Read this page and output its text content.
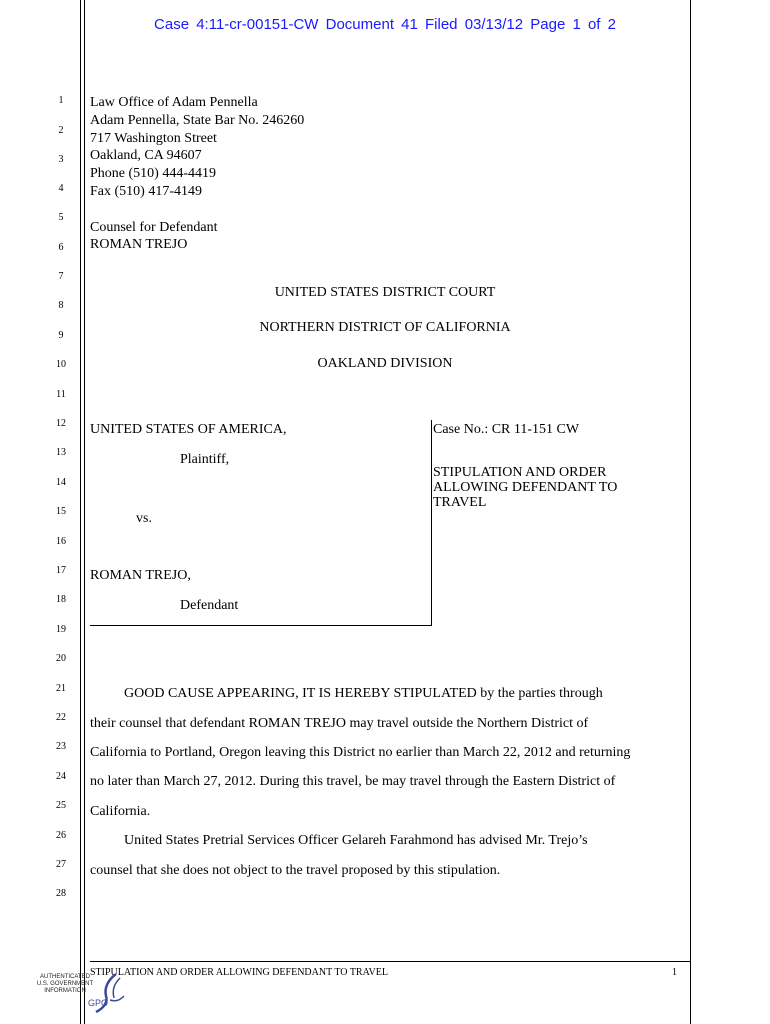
Case 4:11-cr-00151-CW Document 41 Filed 03/13/12 Page 1 of 2
1
2
3
4
5
6
7
8
9
10
11
12
13
14
15
16
17
18
19
20
21
22
23
24
25
26
27
28
Law Office of Adam Pennella
Adam Pennella, State Bar No. 246260
717 Washington Street
Oakland, CA 94607
Phone (510) 444-4419
Fax (510) 417-4149
Counsel for Defendant
ROMAN TREJO
UNITED STATES DISTRICT COURT
NORTHERN DISTRICT OF CALIFORNIA
OAKLAND DIVISION
UNITED STATES OF AMERICA,
Plaintiff,
vs.
ROMAN TREJO,
Defendant
Case No.: CR 11-151 CW
STIPULATION AND ORDER
ALLOWING DEFENDANT TO
TRAVEL
GOOD CAUSE APPEARING, IT IS HEREBY STIPULATED by the parties through
their counsel that defendant ROMAN TREJO may travel outside the Northern District of
California to Portland, Oregon leaving this District no earlier than March 22, 2012 and returning
no later than March 27, 2012. During this travel, be may travel through the Eastern District of
California.
United States Pretrial Services Officer Gelareh Farahmond has advised Mr. Trejo’s
counsel that she does not object to the travel proposed by this stipulation.
STIPULATION AND ORDER ALLOWING DEFENDANT TO TRAVEL	1
AUTHENTICATED
U.S. GOVERNMENT
INFORMATION
GPO
